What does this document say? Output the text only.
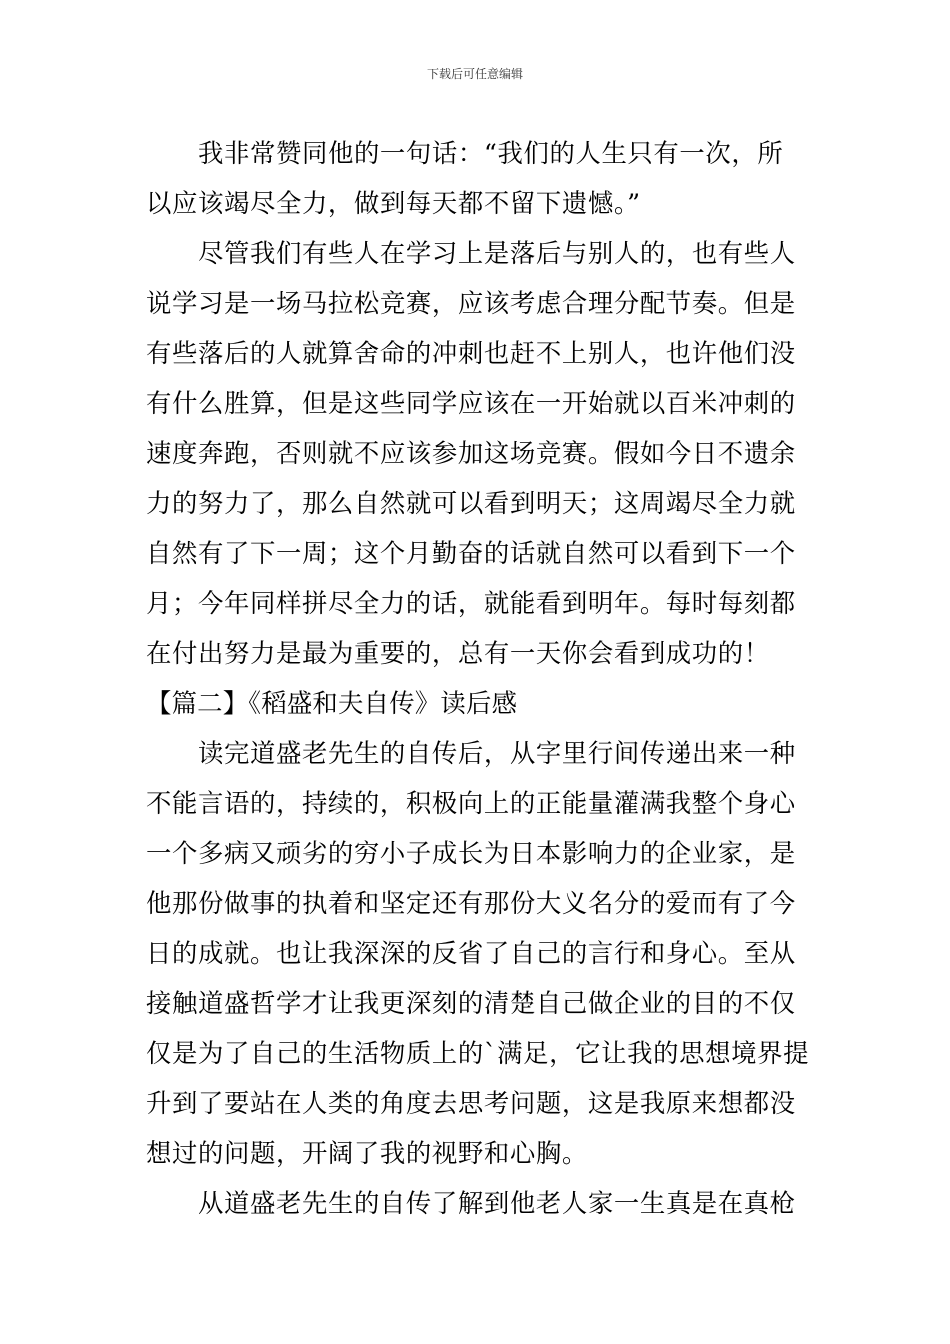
下载后可任意编辑
我非常赞同他的一句话：“我们的人生只有一次，所
以应该竭尽全力，做到每天都不留下遗憾。”
尽管我们有些人在学习上是落后与别人的，也有些人
说学习是一场马拉松竞赛，应该考虑合理分配节奏。但是
有些落后的人就算舍命的冲刺也赶不上别人，也许他们没
有什么胜算，但是这些同学应该在一开始就以百米冲刺的
速度奔跑，否则就不应该参加这场竞赛。假如今日不遗余
力的努力了，那么自然就可以看到明天；这周竭尽全力就
自然有了下一周；这个月勤奋的话就自然可以看到下一个
月；今年同样拼尽全力的话，就能看到明年。每时每刻都
在付出努力是最为重要的，总有一天你会看到成功的！
【篇二】《稻盛和夫自传》读后感
读完道盛老先生的自传后，从字里行间传递出来一种
不能言语的，持续的，积极向上的正能量灌满我整个身心
一个多病又顽劣的穷小子成长为日本影响力的企业家，是
他那份做事的执着和坚定还有那份大义名分的爱而有了今
日的成就。也让我深深的反省了自己的言行和身心。至从
接触道盛哲学才让我更深刻的清楚自己做企业的目的不仅
仅是为了自己的生活物质上的`满足，它让我的思想境界提
升到了要站在人类的角度去思考问题，这是我原来想都没
想过的问题，开阔了我的视野和心胸。
从道盛老先生的自传了解到他老人家一生真是在真枪
